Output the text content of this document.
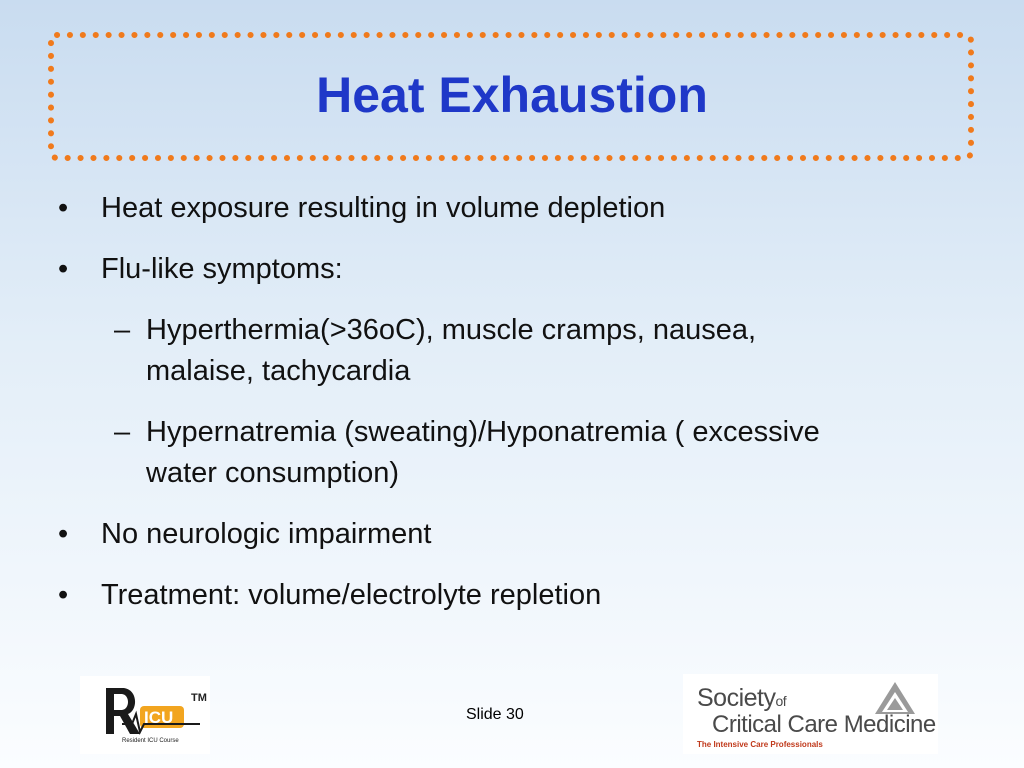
Heat Exhaustion
• Heat exposure resulting in volume depletion
• Flu-like symptoms:
– Hyperthermia(>36oC), muscle cramps, nausea,
malaise, tachycardia
– Hypernatremia (sweating)/Hyponatremia ( excessive
water consumption)
• No neurologic impairment
• Treatment: volume/electrolyte repletion
ICU
TM
Resident ICU Course
Slide 30
Societyof
Critical Care Medicine
The Intensive Care Professionals
